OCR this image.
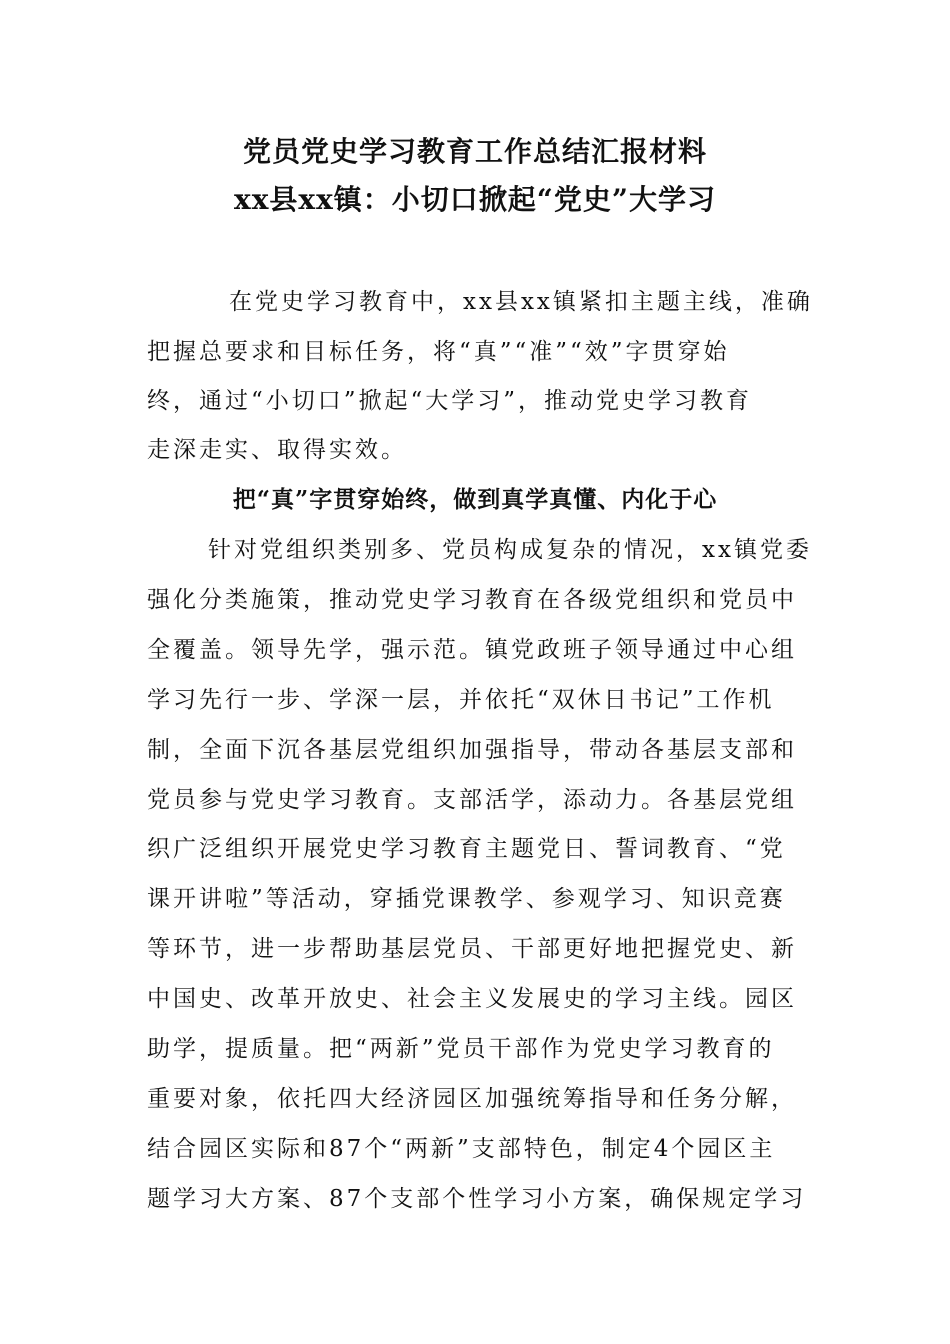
党员党史学习教育工作总结汇报材料
xx县xx镇：小切口掀起“党史”大学习
在党史学习教育中，xx县xx镇紧扣主题主线，准确
把握总要求和目标任务，将“真”“准”“效”字贯穿始
终，通过“小切口”掀起“大学习”，推动党史学习教育
走深走实、取得实效。
把“真”字贯穿始终，做到真学真懂、内化于心
针对党组织类别多、党员构成复杂的情况，xx镇党委
强化分类施策，推动党史学习教育在各级党组织和党员中
全覆盖。领导先学，强示范。镇党政班子领导通过中心组
学习先行一步、学深一层，并依托“双休日书记”工作机
制，全面下沉各基层党组织加强指导，带动各基层支部和
党员参与党史学习教育。支部活学，添动力。各基层党组
织广泛组织开展党史学习教育主题党日、誓词教育、“党
课开讲啦”等活动，穿插党课教学、参观学习、知识竞赛
等环节，进一步帮助基层党员、干部更好地把握党史、新
中国史、改革开放史、社会主义发展史的学习主线。园区
助学，提质量。把“两新”党员干部作为党史学习教育的
重要对象，依托四大经济园区加强统筹指导和任务分解，
结合园区实际和87个“两新”支部特色，制定4个园区主
题学习大方案、87个支部个性学习小方案，确保规定学习
